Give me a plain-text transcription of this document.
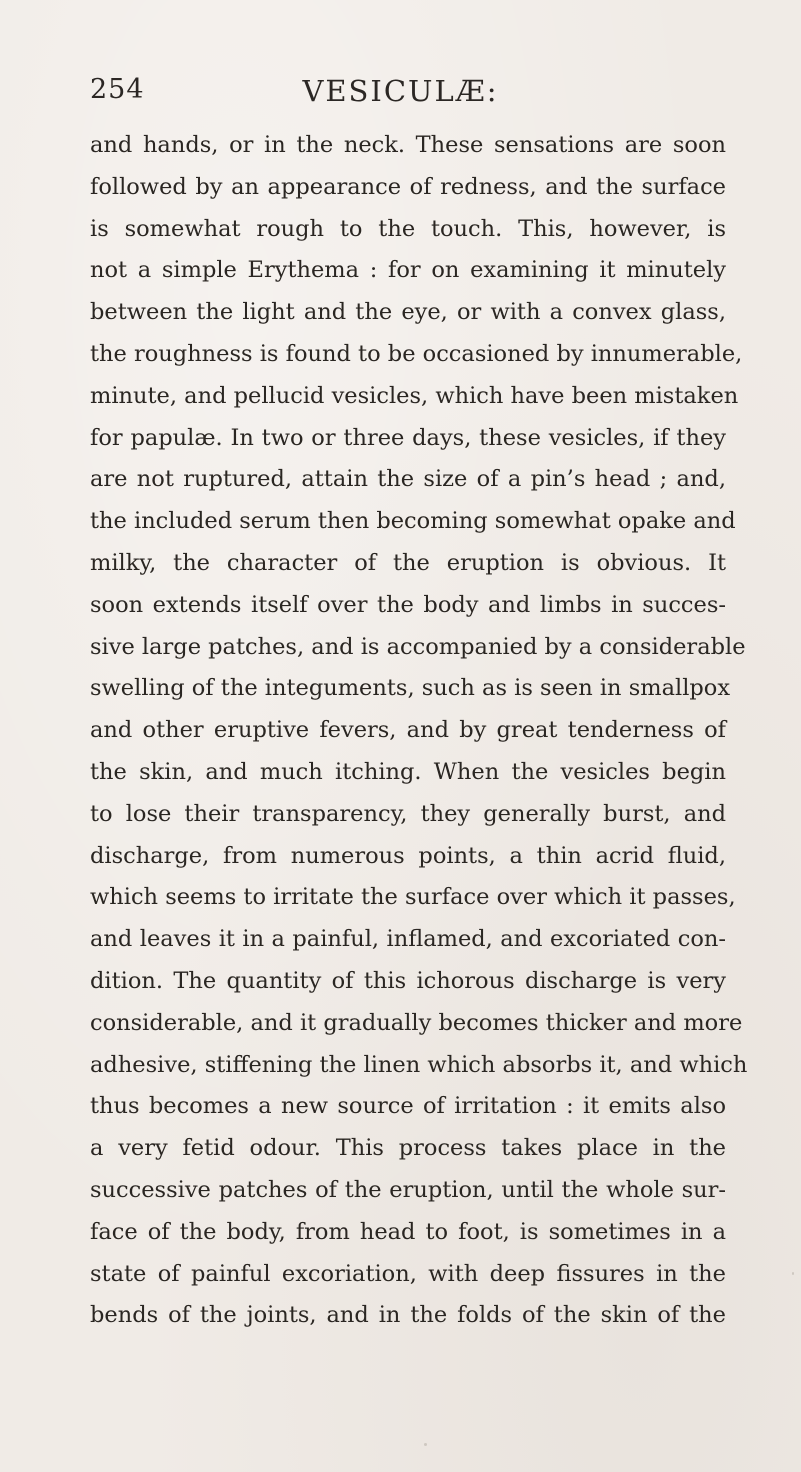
254	VESICULÆ:
and hands, or in the neck. These sensations are soon
followed by an appearance of redness, and the surface
is somewhat rough to the touch. This, however, is
not a simple Erythema : for on examining it minutely
between the light and the eye, or with a convex glass,
the roughness is found to be occasioned by innumerable,
minute, and pellucid vesicles, which have been mistaken
for papulæ. In two or three days, these vesicles, if they
are not ruptured, attain the size of a pin’s head ; and,
the included serum then becoming somewhat opake and
milky, the character of the eruption is obvious. It
soon extends itself over the body and limbs in succes-
sive large patches, and is accompanied by a considerable
swelling of the integuments, such as is seen in smallpox
and other eruptive fevers, and by great tenderness of
the skin, and much itching. When the vesicles begin
to lose their transparency, they generally burst, and
discharge, from numerous points, a thin acrid fluid,
which seems to irritate the surface over which it passes,
and leaves it in a painful, inflamed, and excoriated con-
dition. The quantity of this ichorous discharge is very
considerable, and it gradually becomes thicker and more
adhesive, stiffening the linen which absorbs it, and which
thus becomes a new source of irritation : it emits also
a very fetid odour. This process takes place in the
successive patches of the eruption, until the whole sur-
face of the body, from head to foot, is sometimes in a
state of painful excoriation, with deep fissures in the
bends of the joints, and in the folds of the skin of the
